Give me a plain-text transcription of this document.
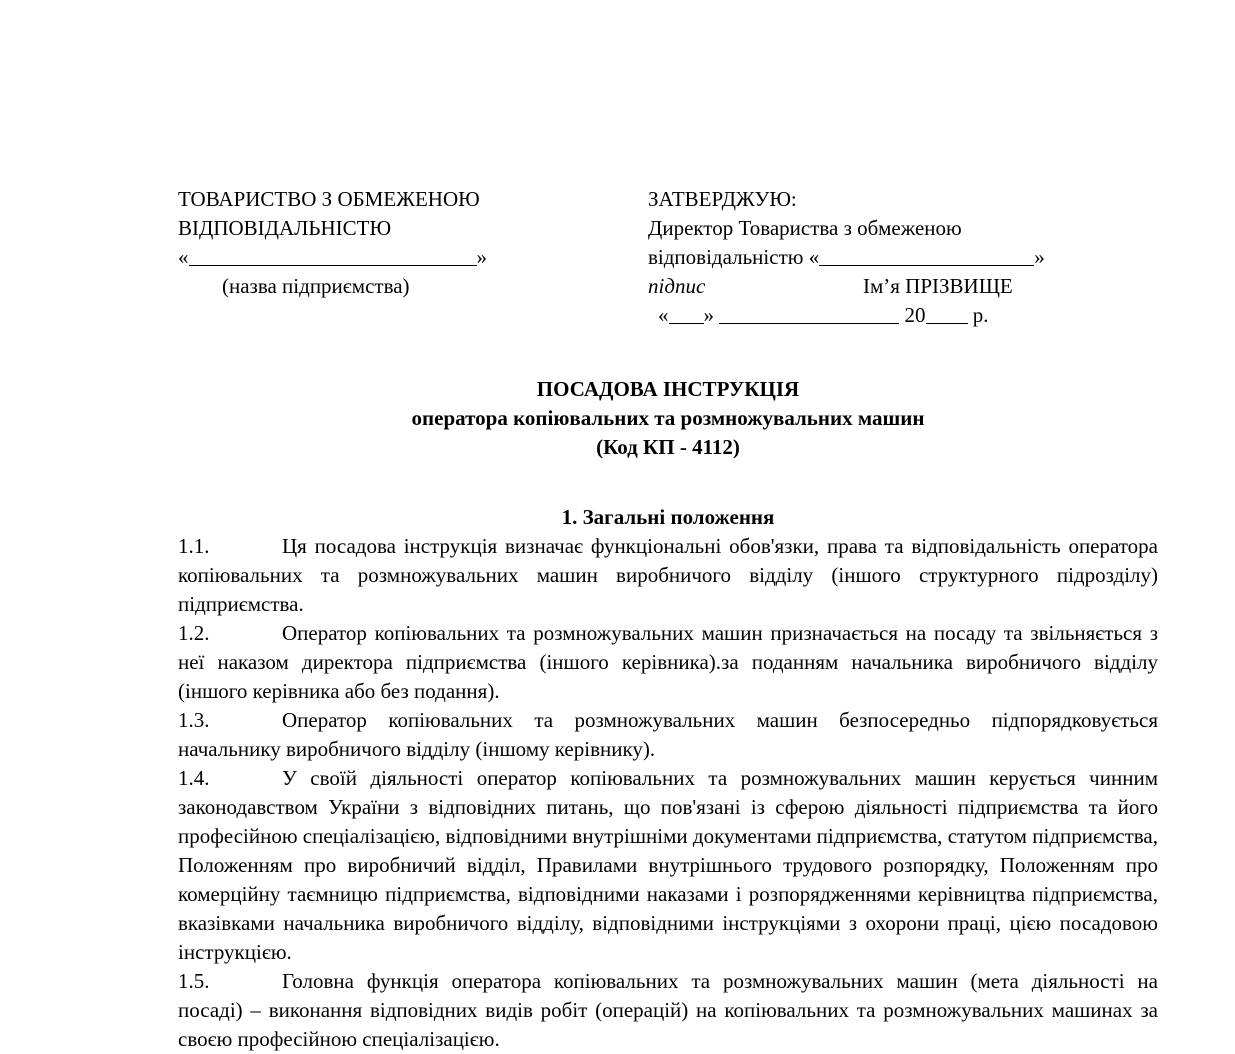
ТОВАРИСТВО З ОБМЕЖЕНОЮ
ВІДПОВІДАЛЬНІСТЮ
«	»
(назва підприємства)
ЗАТВЕРДЖУЮ:
Директор Товариства з обмеженою
відповідальністю «	»
підпис	Ім’я ПРІЗВИЩЕ
« »	20 р.
ПОСАДОВА ІНСТРУКЦІЯ
оператора копіювальних та розмножувальних машин
(Код КП - 4112)
1. Загальні положення

1.1.	Ця посадова інструкція визначає функціональні обов'язки, права та відповідальність оператора копіювальних та розмножувальних машин виробничого відділу (іншого структурного підрозділу) підприємства.

1.2.	Оператор копіювальних та розмножувальних машин призначається на посаду та звільняється з неї наказом директора підприємства (іншого керівника).за поданням начальника виробничого відділу (іншого керівника або без подання).

1.3.	Оператор копіювальних та розмножувальних машин безпосередньо підпорядковується начальнику виробничого відділу (іншому керівнику).

1.4.	У своїй діяльності оператор копіювальних та розмножувальних машин керується чинним законодавством України з відповідних питань, що пов'язані із сферою діяльності підприємства та його професійною спеціалізацією, відповідними внутрішніми документами підприємства, статутом підприємства, Положенням про виробничий відділ, Правилами внутрішнього трудового розпорядку, Положенням про комерційну таємницю підприємства, відповідними наказами і розпорядженнями керівництва підприємства, вказівками начальника виробничого відділу, відповідними інструкціями з охорони праці, цією посадовою інструкцією.

1.5.	Головна функція оператора копіювальних та розмножувальних машин (мета діяльності на посаді) – виконання відповідних видів робіт (операцій) на копіювальних та розмножувальних машинах за своєю професійною спеціалізацією.
